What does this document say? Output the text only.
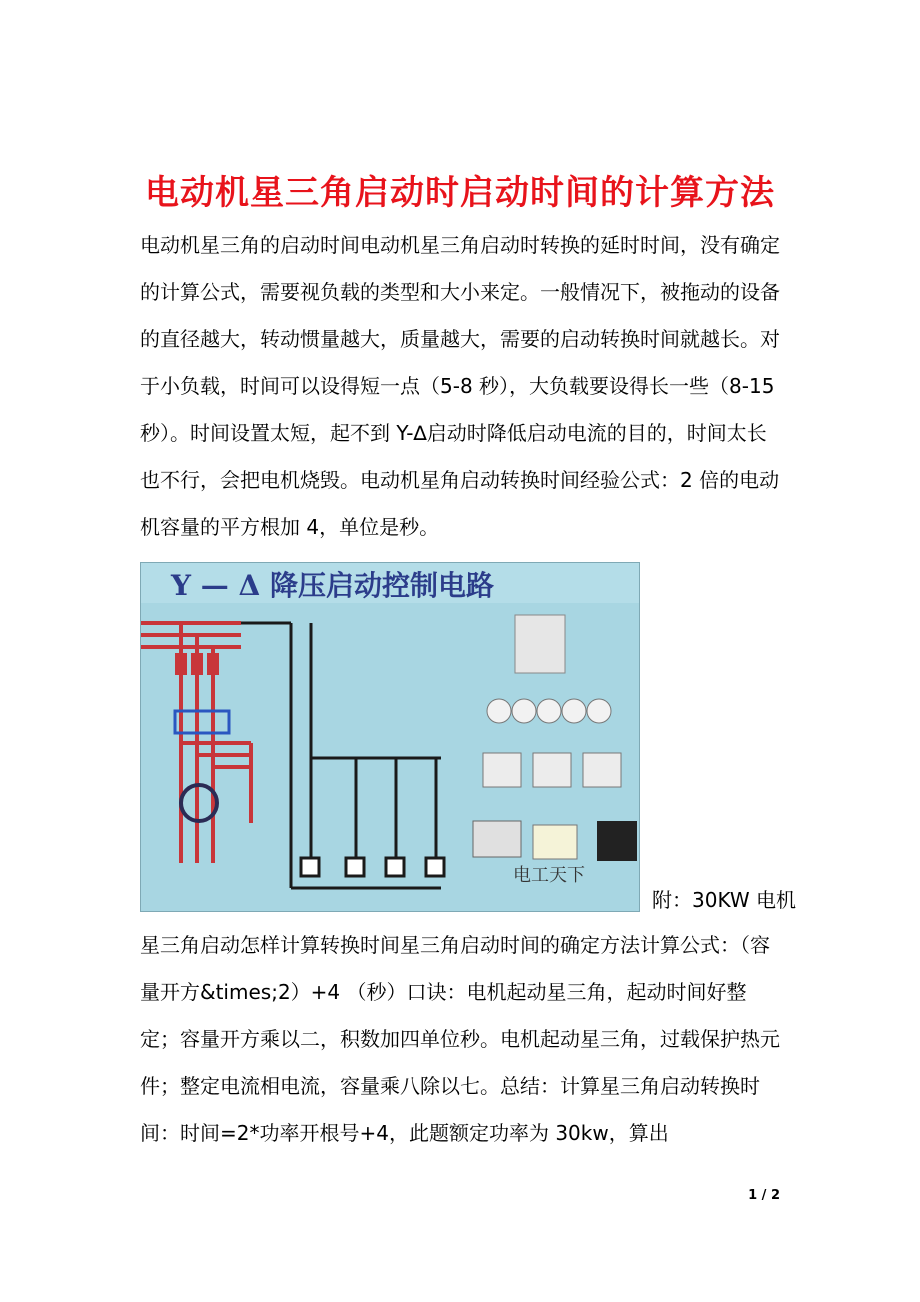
电动机星三角启动时启动时间的计算方法

电动机星三角的启动时间电动机星三角启动时转换的延时时间，没有确定的计算公式，需要视负载的类型和大小来定。一般情况下，被拖动的设备的直径越大，转动惯量越大，质量越大，需要的启动转换时间就越长。对于小负载，时间可以设得短一点（5-8 秒），大负载要设得长一些（8-15 秒）。时间设置太短，起不到 Y-∆启动时降低启动电流的目的，时间太长也不行，会把电机烧毁。电动机星角启动转换时间经验公式：2 倍的电动机容量的平方根加 4，单位是秒。

Y — Δ 降压启动控制电路
电工天下
附：30KW 电机

星三角启动怎样计算转换时间星三角启动时间的确定方法计算公式：（容量开方&times;2）+4 （秒）口诀：电机起动星三角，起动时间好整定；容量开方乘以二，积数加四单位秒。电机起动星三角，过载保护热元件；整定电流相电流，容量乘八除以七。总结：计算星三角启动转换时间：时间=2*功率开根号+4，此题额定功率为 30kw，算出

1 / 2
